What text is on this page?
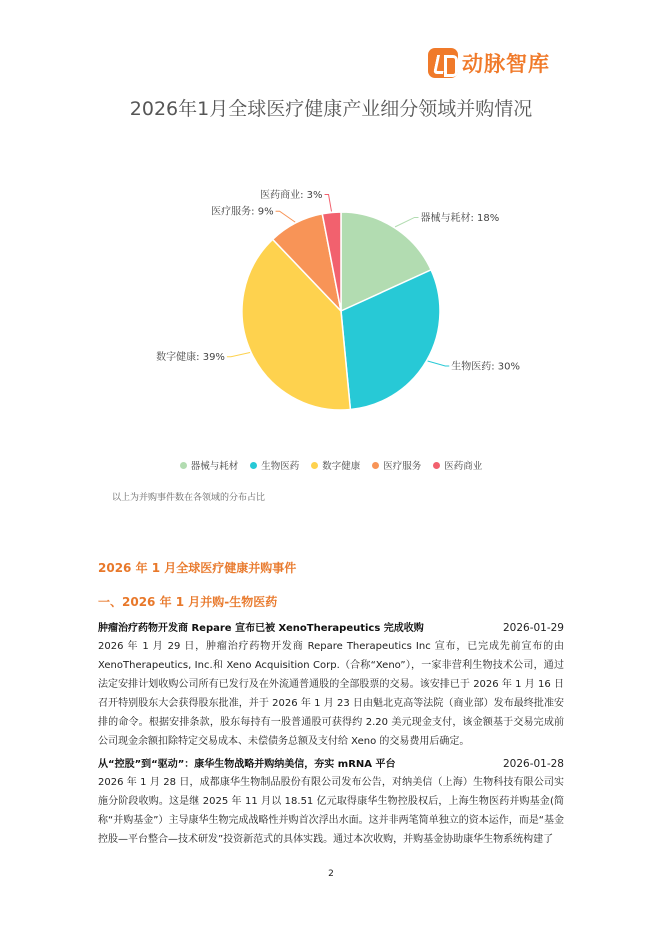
动脉智库
2026年1月全球医疗健康产业细分领域并购情况
器械与耗材: 18%
生物医药: 30%
数字健康: 39%
医疗服务: 9%
医药商业: 3%
器械与耗材 生物医药 数字健康 医疗服务 医药商业
以上为并购事件数在各领域的分布占比
2026 年 1 月全球医疗健康并购事件
一、2026 年 1 月并购-生物医药
肿瘤治疗药物开发商 Repare 宣布已被 XenoTherapeutics 完成收购	2026-01-29

2026 年 1 月 29 日，肿瘤治疗药物开发商 Repare Therapeutics Inc 宣布，已完成先前宣布的由 XenoTherapeutics, Inc.和 Xeno Acquisition Corp.（合称“Xeno”），一家非营利生物技术公司，通过法定安排计划收购公司所有已发行及在外流通普通股的全部股票的交易。该安排已于 2026 年 1 月 16 日召开特别股东大会获得股东批准，并于 2026 年 1 月 23 日由魁北克高等法院（商业部）发布最终批准安排的命令。根据安排条款，股东每持有一股普通股可获得约 2.20 美元现金支付，该金额基于交易完成前公司现金余额扣除特定交易成本、未偿债务总额及支付给 Xeno 的交易费用后确定。

从“控股”到“驱动”：康华生物战略并购纳美信，夯实 mRNA 平台	2026-01-28

2026 年 1 月 28 日，成都康华生物制品股份有限公司发布公告，对纳美信（上海）生物科技有限公司实施分阶段收购。这是继 2025 年 11 月以 18.51 亿元取得康华生物控股权后，上海生物医药并购基金(简称“并购基金”）主导康华生物完成战略性并购首次浮出水面。这并非两笔简单独立的资本运作，而是“基金控股—平台整合—技术研发”投资新范式的具体实践。通过本次收购，并购基金协助康华生物系统构建了

2
